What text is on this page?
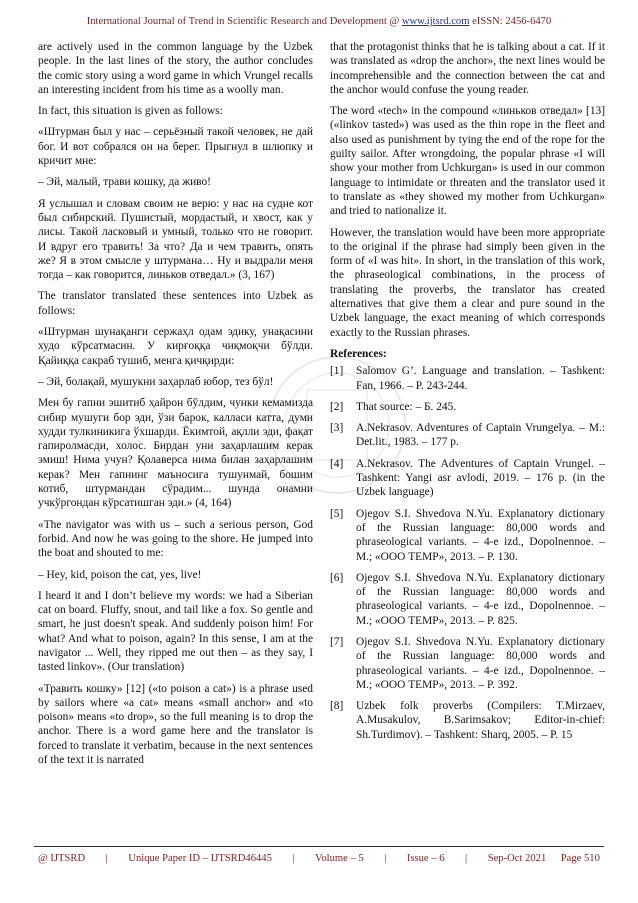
International Journal of Trend in Scientific Research and Development @ www.ijtsrd.com eISSN: 2456-6470

are actively used in the common language by the Uzbek people. In the last lines of the story, the author concludes the comic story using a word game in which Vrungel recalls an interesting incident from his time as a woolly man.

In fact, this situation is given as follows:

«Штурман был у нас – серьёзный такой человек, не дай бог. И вот собрался он на берег. Прыгнул в шлюпку и кричит мне:

– Эй, малый, трави кошку, да живо!

Я услышал и словам своим не верю: у нас на судне кот был сибирский. Пушистый, мордастый, и хвост, как у лисы. Такой ласковый и умный, только что не говорит. И вдруг его травить! За что? Да и чем травить, опять же? Я в этом смысле у штурмана… Ну и выдрали меня тогда – как говорится, линьков отведал.» (3, 167)

The translator translated these sentences into Uzbek as follows:

«Штурман шунақанги сержаҳл одам эдику, унақасини худо кўрсатмасин. У кирғоққа чиқмоқчи бўлди. Қайиққа сакраб тушиб, менга қичқирди:

– Эй, болақай, мушукни заҳарлаб юбор, тез бўл!

Мен бу гапни эшитиб ҳайрон бўлдим, чунки кемамизда сибир мушуги бор эди, ўзи барок, калласи катта, думи худди тулкиникига ўхшарди. Ёкимтой, ақлли эди, фақат гапиролмасди, холос. Бирдан уни заҳарлашим керак эмиш! Нима учун? Қолаверса нима билан заҳарлашим керак? Мен гапнинг маъносига тушунмай, бошим котиб, штурмандан сўрадим... шунда онамни учкўргондан кўрсатишган эди.» (4, 164)

«The navigator was with us – such a serious person, God forbid. And now he was going to the shore. He jumped into the boat and shouted to me:

– Hey, kid, poison the cat, yes, live!

I heard it and I don’t believe my words: we had a Siberian cat on board. Fluffy, snout, and tail like a fox. So gentle and smart, he just doesn't speak. And suddenly poison him! For what? And what to poison, again? In this sense, I am at the navigator ... Well, they ripped me out then – as they say, I tasted linkov». (Our translation)

«Травить кошку» [12] («to poison a cat») is a phrase used by sailors where «a cat» means «small anchor» and «to poison» means «to drop», so the full meaning is to drop the anchor. There is a word game here and the translator is forced to translate it verbatim, because in the next sentences of the text it is narrated

that the protagonist thinks that he is talking about a cat. If it was translated as «drop the anchor», the next lines would be incomprehensible and the connection between the cat and the anchor would confuse the young reader.

The word «tech» in the compound «линьков отведал» [13] («linkov tasted») was used as the thin rope in the fleet and also used as punishment by tying the end of the rope for the guilty sailor. After wrongdoing, the popular phrase «I will show your mother from Uchkurgan» is used in our common language to intimidate or threaten and the translator used it to translate as «they showed my mother from Uchkurgan» and tried to nationalize it.

However, the translation would have been more appropriate to the original if the phrase had simply been given in the form of «I was hit». In short, in the translation of this work, the phraseological combinations, in the process of translating the proverbs, the translator has created alternatives that give them a clear and pure sound in the Uzbek language, the exact meaning of which corresponds exactly to the Russian phrases.

References:
[1]	Salomov G’. Language and translation. – Tashkent: Fan, 1966. – P. 243-244.
[2]	That source: – Б. 245.
[3]	A.Nekrasov. Adventures of Captain Vrungelya. – M.: Det.lit., 1983. – 177 p.
[4]	A.Nekrasov. The Adventures of Captain Vrungel. – Tashkent: Yangi asr avlodi, 2019. – 176 p. (in the Uzbek language)
[5]	Ojegov S.I. Shvedova N.Yu. Explanatory dictionary of the Russian language: 80,000 words and phraseological variants. – 4-e izd., Dopolnennoe. – M.; «ООО TEMP», 2013. – P. 130.
[6]	Ojegov S.I. Shvedova N.Yu. Explanatory dictionary of the Russian language: 80,000 words and phraseological variants. – 4-e izd., Dopolnennoe. – M.; «ООО TEMP», 2013. – P. 825.
[7]	Ojegov S.I. Shvedova N.Yu. Explanatory dictionary of the Russian language: 80,000 words and phraseological variants. – 4-e izd., Dopolnennoe. – M.; «ООО TEMP», 2013. – P. 392.
[8]	Uzbek folk proverbs (Compilers: T.Mirzaev, A.Musakulov, B.Sarimsakov; Editor-in-chief: Sh.Turdimov). – Tashkent: Sharq, 2005. – P. 15
@ IJTSRD | Unique Paper ID – IJTSRD46445 | Volume – 5 | Issue – 6 | Sep-Oct 2021 Page 510
